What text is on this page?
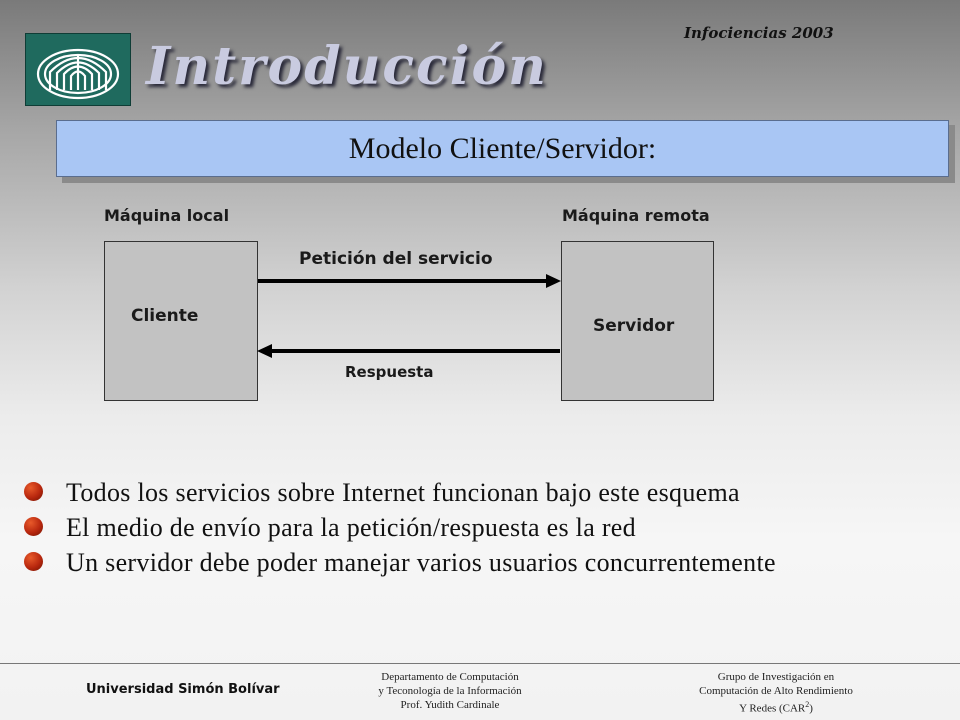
Introducción
Infociencias 2003
Modelo Cliente/Servidor:
Máquina local	Máquina remota
Cliente	Servidor
Petición del servicio
Respuesta
Todos los servicios sobre Internet funcionan bajo este esquema
El medio de envío para la petición/respuesta es la red
Un servidor debe poder manejar varios usuarios concurrentemente
Universidad Simón Bolívar
Departamento de Computación
y Teconología de la Información
Prof. Yudith Cardinale
Grupo de Investigación en
Computación de Alto Rendimiento
Y Redes (CAR$^2$)
